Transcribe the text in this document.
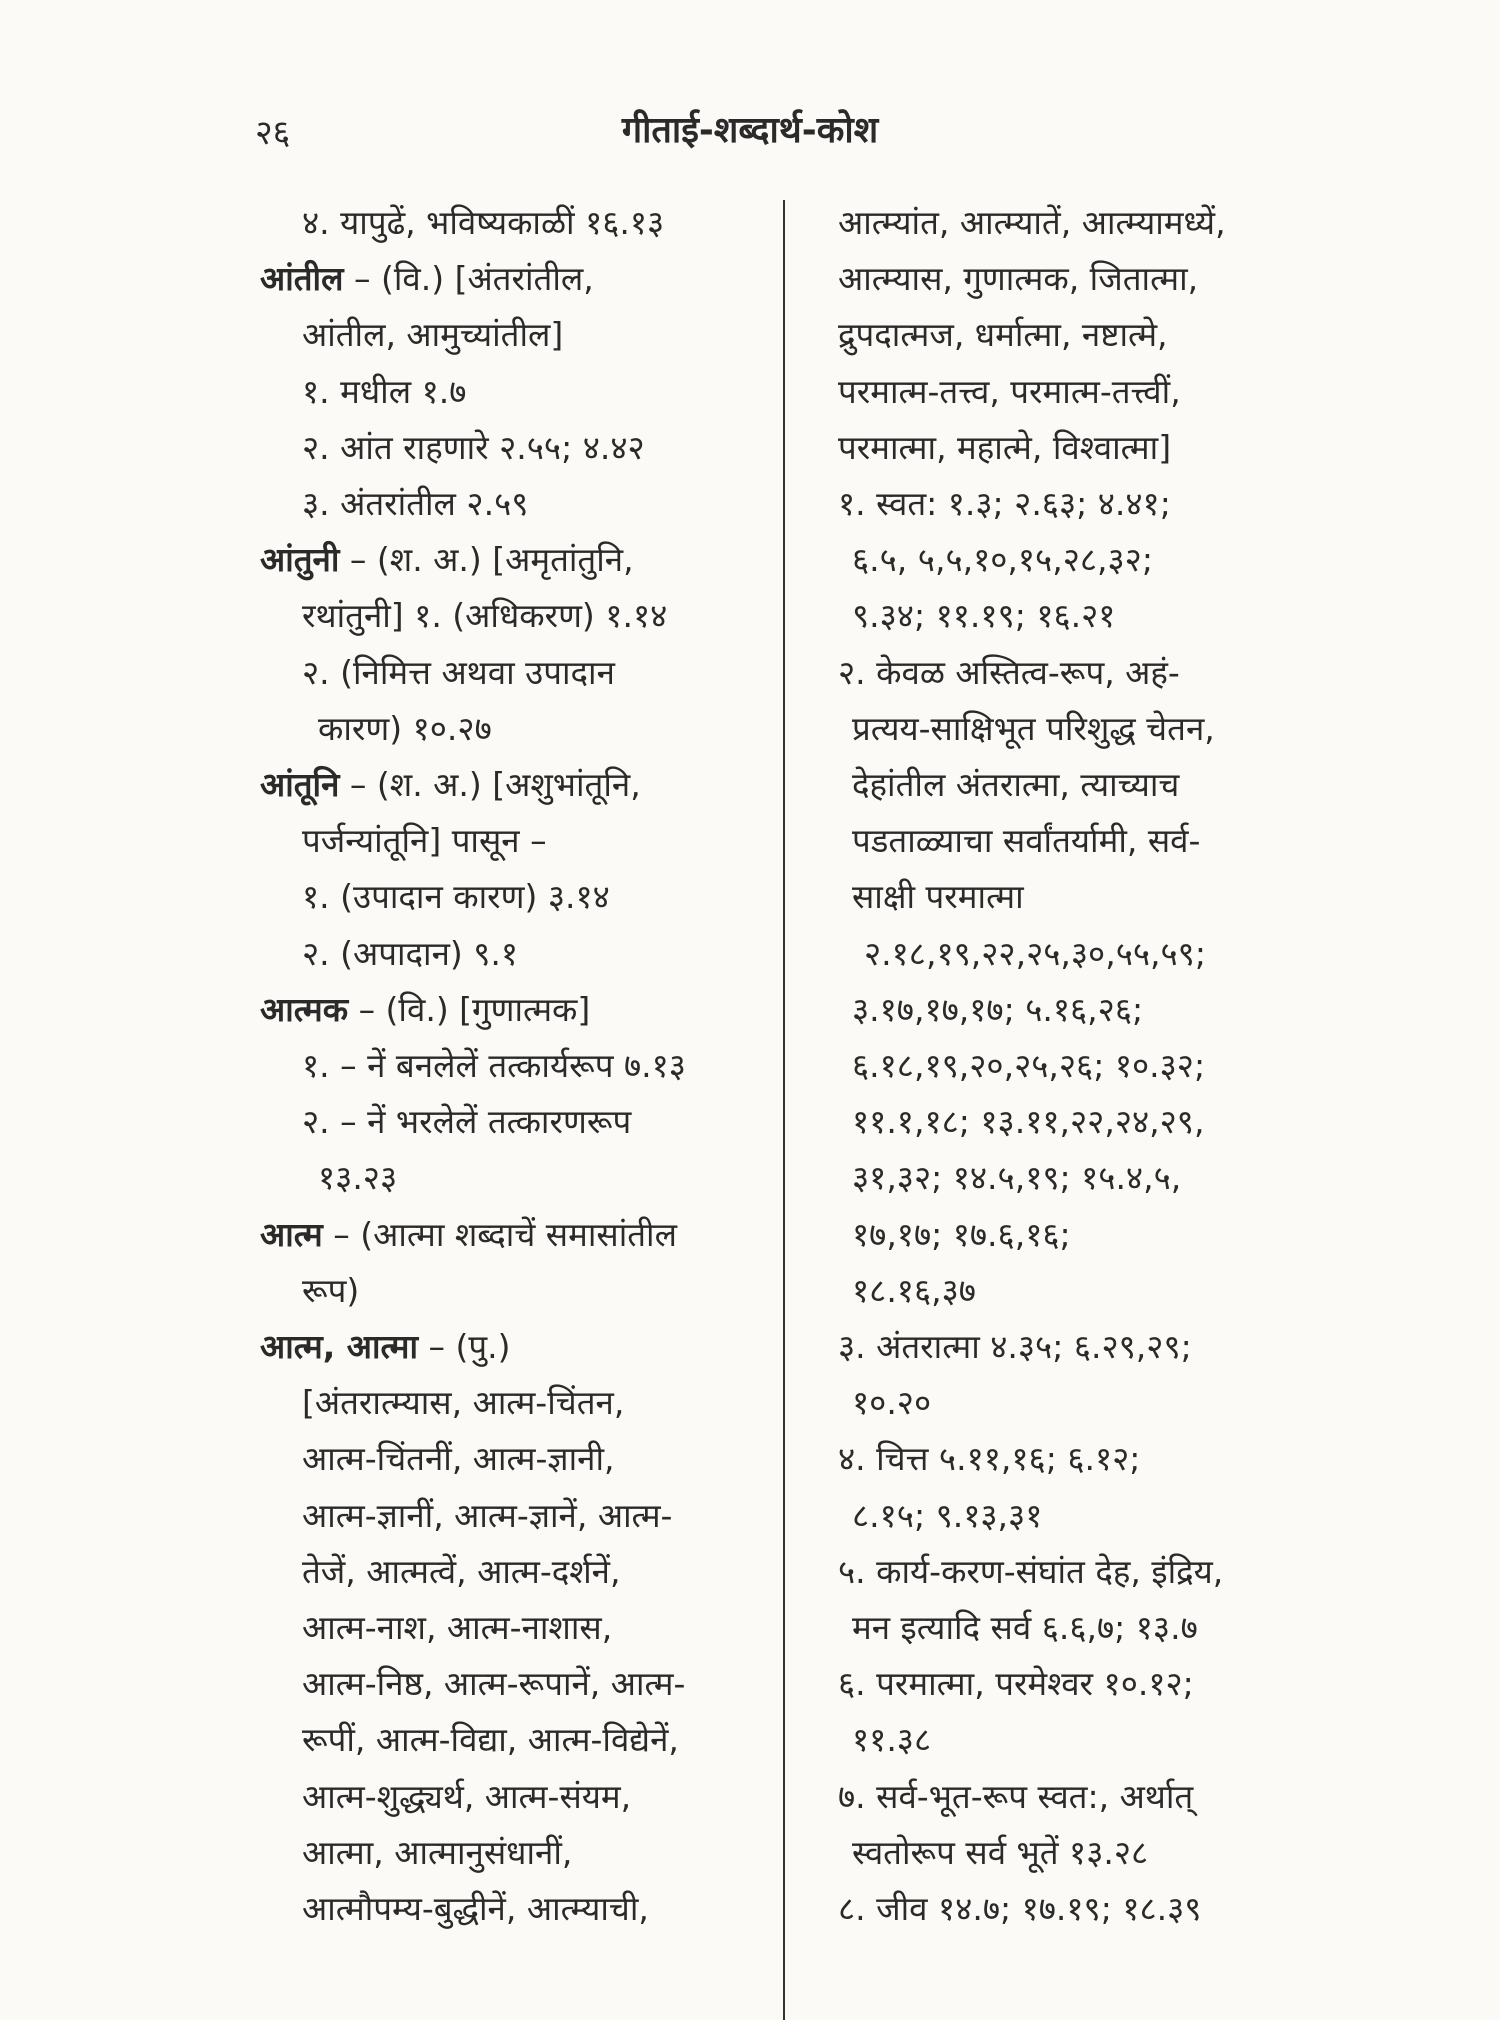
२६	गीताई-शब्दार्थ-कोश
४. यापुढें, भविष्यकाळीं १६.१३
आंतील – (वि.) [अंतरांतील,
आंतील, आमुच्यांतील]
१. मधील १.७
२. आंत राहणारे २.५५; ४.४२
३. अंतरांतील २.५९
आंतुनी – (श. अ.) [अमृतांतुनि,
रथांतुनी] १. (अधिकरण) १.१४
२. (निमित्त अथवा उपादान
कारण) १०.२७
आंतूनि – (श. अ.) [अशुभांतूनि,
पर्जन्यांतूनि] पासून –
१. (उपादान कारण) ३.१४
२. (अपादान) ९.१
आत्मक – (वि.) [गुणात्मक]
१. – नें बनलेलें तत्कार्यरूप ७.१३
२. – नें भरलेलें तत्कारणरूप
१३.२३
आत्म – (आत्मा शब्दाचें समासांतील
रूप)
आत्म, आत्मा – (पु.)
[अंतरात्म्यास, आत्म-चिंतन,
आत्म-चिंतनीं, आत्म-ज्ञानी,
आत्म-ज्ञानीं, आत्म-ज्ञानें, आत्म-
तेजें, आत्मत्वें, आत्म-दर्शनें,
आत्म-नाश, आत्म-नाशास,
आत्म-निष्ठ, आत्म-रूपानें, आत्म-
रूपीं, आत्म-विद्या, आत्म-विद्येनें,
आत्म-शुद्ध्यर्थ, आत्म-संयम,
आत्मा, आत्मानुसंधानीं,
आत्मौपम्य-बुद्धीनें, आत्म्याची,
आत्म्यांत, आत्म्यातें, आत्म्यामध्यें,
आत्म्यास, गुणात्मक, जितात्मा,
द्रुपदात्मज, धर्मात्मा, नष्टात्मे,
परमात्म-तत्त्व, परमात्म-तत्त्वीं,
परमात्मा, महात्मे, विश्वात्मा]
१. स्वत: १.३; २.६३; ४.४१;
६.५, ५,५,१०,१५,२८,३२;
९.३४; ११.१९; १६.२१
२. केवळ अस्तित्व-रूप, अहं-
प्रत्यय-साक्षिभूत परिशुद्ध चेतन,
देहांतील अंतरात्मा, त्याच्याच
पडताळ्याचा सर्वांतर्यामी, सर्व-
साक्षी परमात्मा
२.१८,१९,२२,२५,३०,५५,५९;
३.१७,१७,१७; ५.१६,२६;
६.१८,१९,२०,२५,२६; १०.३२;
११.१,१८; १३.११,२२,२४,२९,
३१,३२; १४.५,१९; १५.४,५,
१७,१७; १७.६,१६;
१८.१६,३७
३. अंतरात्मा ४.३५; ६.२९,२९;
१०.२०
४. चित्त ५.११,१६; ६.१२;
८.१५; ९.१३,३१
५. कार्य-करण-संघांत देह, इंद्रिय,
मन इत्यादि सर्व ६.६,७; १३.७
६. परमात्मा, परमेश्वर १०.१२;
११.३८
७. सर्व-भूत-रूप स्वत:, अर्थात्
स्वतोरूप सर्व भूतें १३.२८
८. जीव १४.७; १७.१९; १८.३९
